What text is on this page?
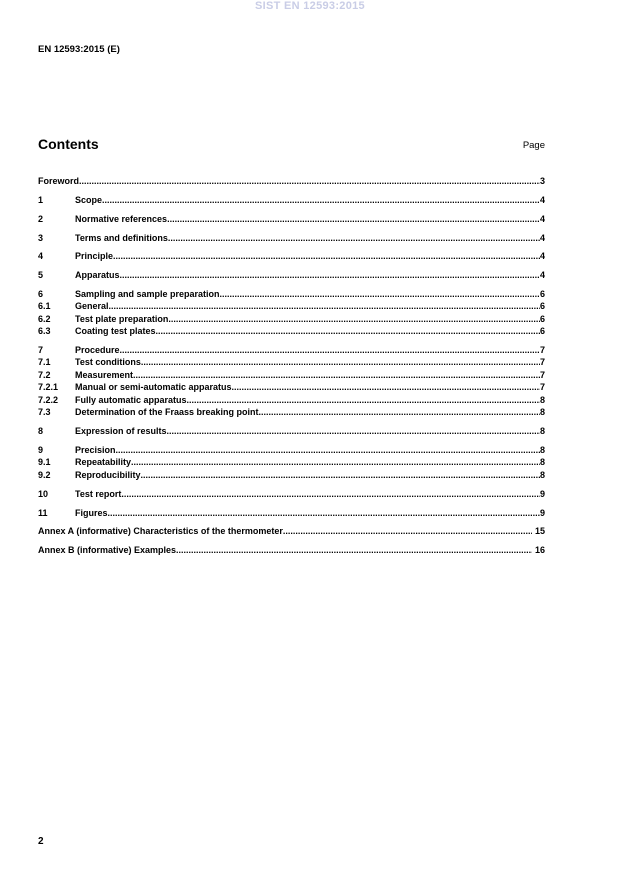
SIST EN 12593:2015
EN 12593:2015 (E)
Contents	Page
Foreword .....	3
1	Scope .....	4
2	Normative references .....	4
3	Terms and definitions .....	4
4	Principle .....	4
5	Apparatus .....	4
6	Sampling and sample preparation .....	6
6.1	General .....	6
6.2	Test plate preparation .....	6
6.3	Coating test plates .....	6
7	Procedure .....	7
7.1	Test conditions .....	7
7.2	Measurement .....	7
7.2.1	Manual or semi-automatic apparatus .....	7
7.2.2	Fully automatic apparatus .....	8
7.3	Determination of the Fraass breaking point .....	8
8	Expression of results .....	8
9	Precision .....	8
9.1	Repeatability .....	8
9.2	Reproducibility .....	8
10	Test report .....	9
11	Figures .....	9
Annex A (informative) Characteristics of the thermometer .....	15
Annex B (informative) Examples .....	16
2
